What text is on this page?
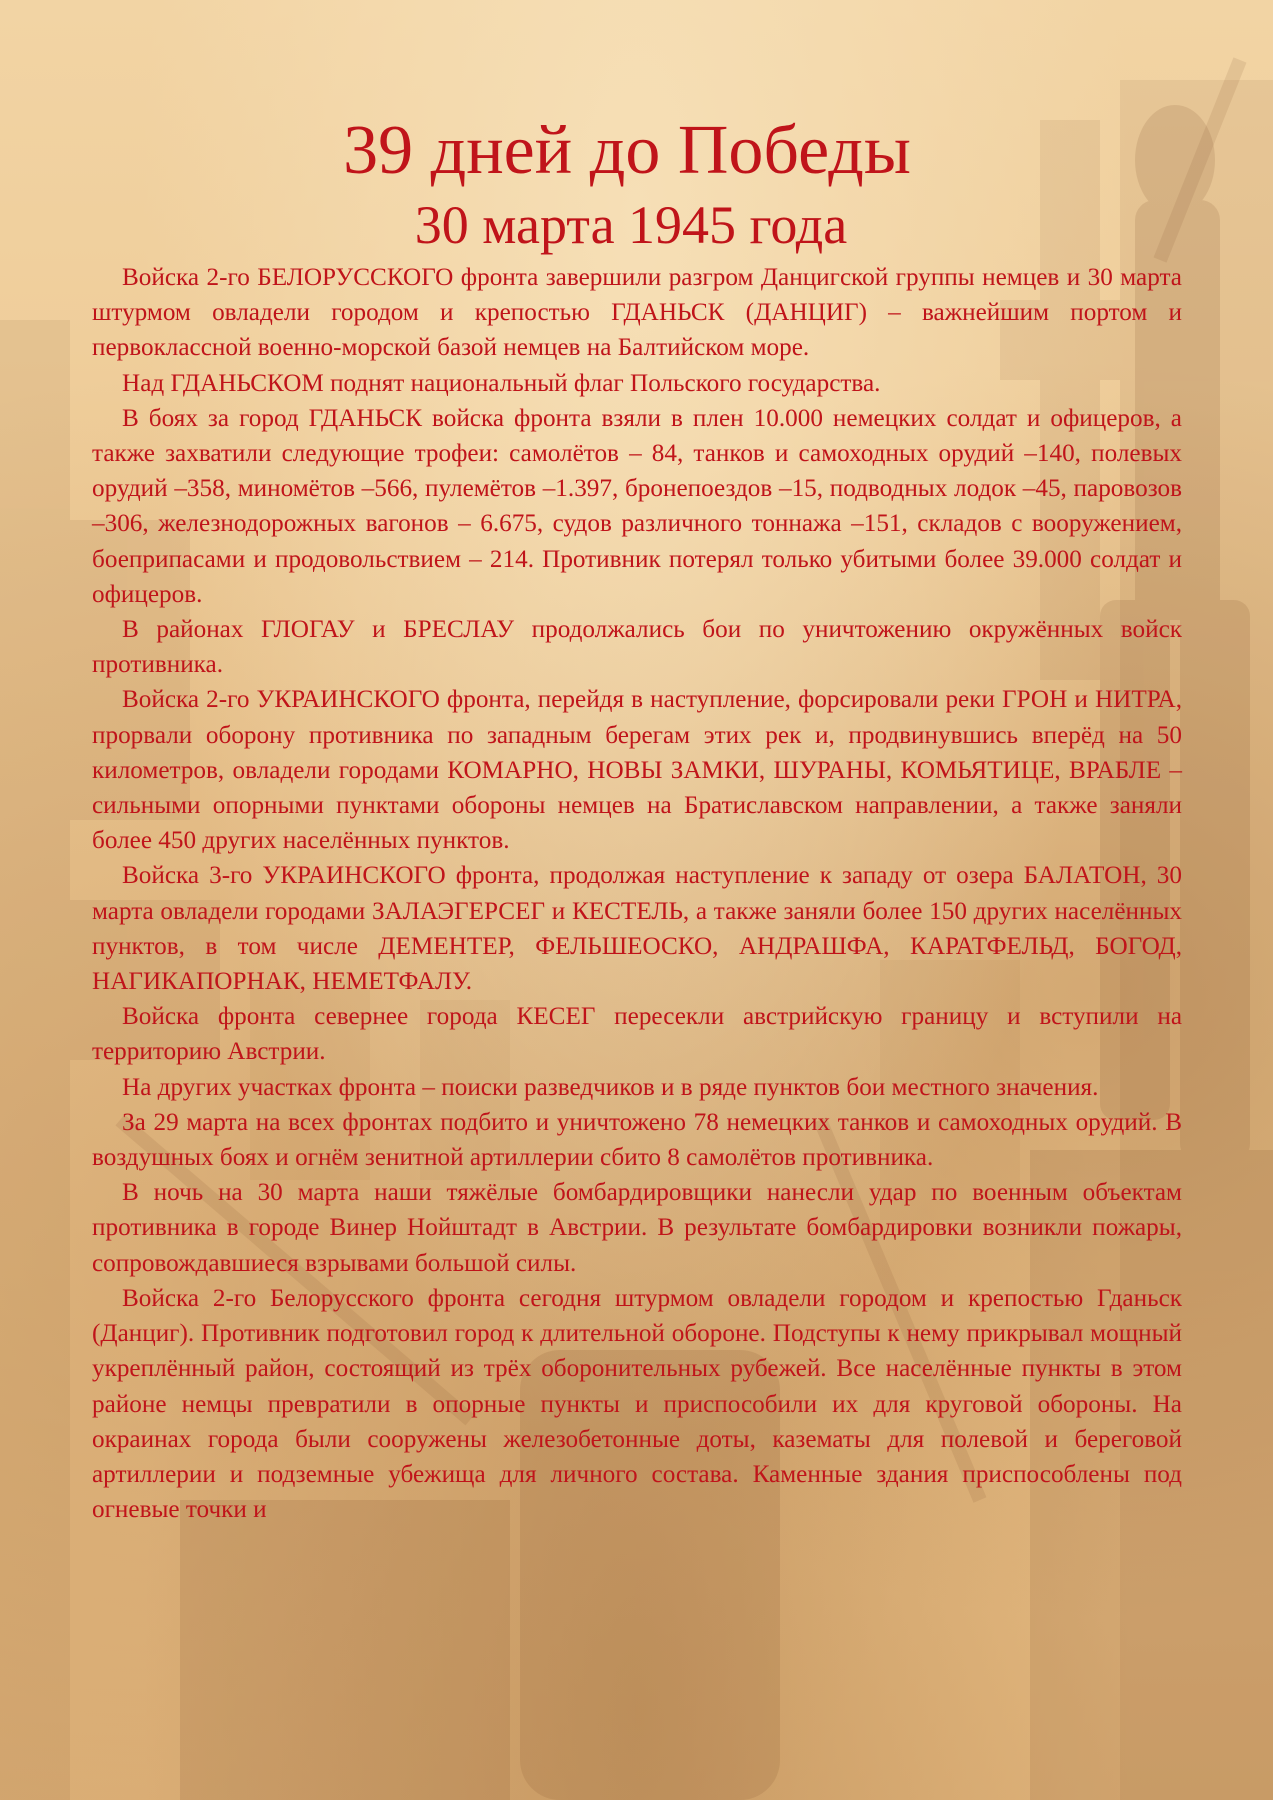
39 дней до Победы
30 марта 1945 года

Войска 2-го БЕЛОРУССКОГО фронта завершили разгром Данцигской группы немцев и 30 марта штурмом овладели городом и крепостью ГДАНЬСК (ДАНЦИГ) – важнейшим портом и первоклассной военно-морской базой немцев на Балтийском море.

Над ГДАНЬСКОМ поднят национальный флаг Польского государства.

В боях за город ГДАНЬСК войска фронта взяли в плен 10.000 немецких солдат и офицеров, а также захватили следующие трофеи: самолётов – 84, танков и самоходных орудий –140, полевых орудий –358, миномётов –566, пулемётов –1.397, бронепоездов –15, подводных лодок –45, паровозов –306, железнодорожных вагонов – 6.675, судов различного тоннажа –151, складов с вооружением, боеприпасами и продовольствием – 214. Противник потерял только убитыми более 39.000 солдат и офицеров.

В районах ГЛОГАУ и БРЕСЛАУ продолжались бои по уничтожению окружённых войск противника.

Войска 2-го УКРАИНСКОГО фронта, перейдя в наступление, форсировали реки ГРОН и НИТРА, прорвали оборону противника по западным берегам этих рек и, продвинувшись вперёд на 50 километров, овладели городами КОМАРНО, НОВЫ ЗАМКИ, ШУРАНЫ, КОМЬЯТИЦЕ, ВРАБЛЕ – сильными опорными пунктами обороны немцев на Братиславском направлении, а также заняли более 450 других населённых пунктов.

Войска 3-го УКРАИНСКОГО фронта, продолжая наступление к западу от озера БАЛАТОН, 30 марта овладели городами ЗАЛАЭГЕРСЕГ и КЕСТЕЛЬ, а также заняли более 150 других населённых пунктов, в том числе ДЕМЕНТЕР, ФЕЛЬШЕОСКО, АНДРАШФА, КАРАТФЕЛЬД, БОГОД, НАГИКАПОРНАК, НЕМЕТФАЛУ.

Войска фронта севернее города КЕСЕГ пересекли австрийскую границу и вступили на территорию Австрии.

На других участках фронта – поиски разведчиков и в ряде пунктов бои местного значения.

За 29 марта на всех фронтах подбито и уничтожено 78 немецких танков и самоходных орудий. В воздушных боях и огнём зенитной артиллерии сбито 8 самолётов противника.

В ночь на 30 марта наши тяжёлые бомбардировщики нанесли удар по военным объектам противника в городе Винер Нойштадт в Австрии. В результате бомбардировки возникли пожары, сопровождавшиеся взрывами большой силы.

Войска 2-го Белорусского фронта сегодня штурмом овладели городом и крепостью Гданьск (Данциг). Противник подготовил город к длительной обороне. Подступы к нему прикрывал мощный укреплённый район, состоящий из трёх оборонительных рубежей. Все населённые пункты в этом районе немцы превратили в опорные пункты и приспособили их для круговой обороны. На окраинах города были сооружены железобетонные доты, казематы для полевой и береговой артиллерии и подземные убежища для личного состава. Каменные здания приспособлены под огневые точки и
